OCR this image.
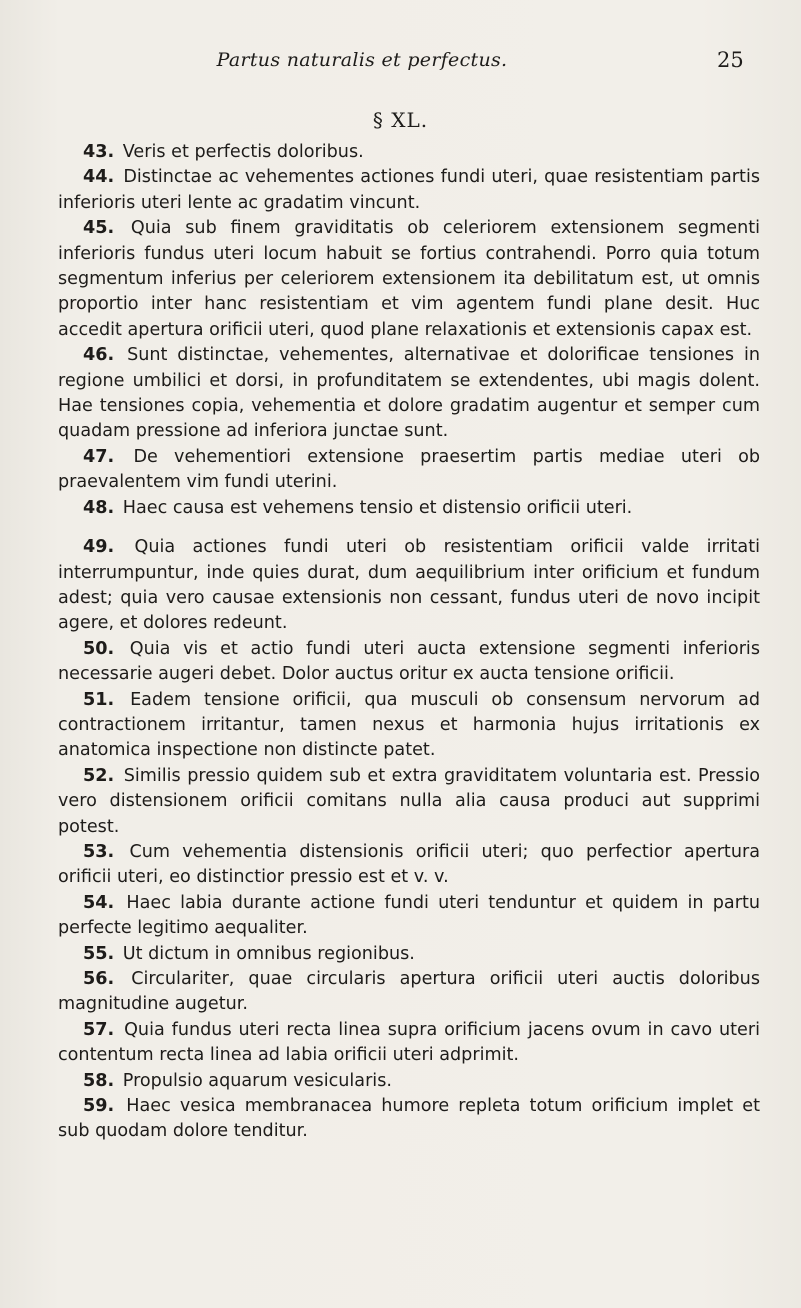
Partus naturalis et perfectus.	25
§ XL.

43. Veris et perfectis doloribus.

44. Distinctae ac vehementes actiones fundi uteri, quae resistentiam partis inferioris uteri lente ac gradatim vincunt.

45. Quia sub finem graviditatis ob celeriorem extensionem segmenti inferioris fundus uteri locum habuit se fortius contrahendi. Porro quia totum segmentum inferius per celeriorem extensionem ita debilitatum est, ut omnis proportio inter hanc resistentiam et vim agentem fundi plane desit. Huc accedit apertura orificii uteri, quod plane relaxationis et extensionis capax est.

46. Sunt distinctae, vehementes, alternativae et dolorificae tensiones in regione umbilici et dorsi, in profunditatem se extendentes, ubi magis dolent. Hae tensiones copia, vehementia et dolore gradatim augentur et semper cum quadam pressione ad inferiora junctae sunt.

47. De vehementiori extensione praesertim partis mediae uteri ob praevalentem vim fundi uterini.

48. Haec causa est vehemens tensio et distensio orificii uteri.

49. Quia actiones fundi uteri ob resistentiam orificii valde irritati interrumpuntur, inde quies durat, dum aequilibrium inter orificium et fundum adest; quia vero causae extensionis non cessant, fundus uteri de novo incipit agere, et dolores redeunt.

50. Quia vis et actio fundi uteri aucta extensione segmenti inferioris necessarie augeri debet. Dolor auctus oritur ex aucta tensione orificii.

51. Eadem tensione orificii, qua musculi ob consensum nervorum ad contractionem irritantur, tamen nexus et harmonia hujus irritationis ex anatomica inspectione non distincte patet.

52. Similis pressio quidem sub et extra graviditatem voluntaria est. Pressio vero distensionem orificii comitans nulla alia causa produci aut supprimi potest.

53. Cum vehementia distensionis orificii uteri; quo perfectior apertura orificii uteri, eo distinctior pressio est et v. v.

54. Haec labia durante actione fundi uteri tenduntur et quidem in partu perfecte legitimo aequaliter.

55. Ut dictum in omnibus regionibus.

56. Circulariter, quae circularis apertura orificii uteri auctis doloribus magnitudine augetur.

57. Quia fundus uteri recta linea supra orificium jacens ovum in cavo uteri contentum recta linea ad labia orificii uteri adprimit.

58. Propulsio aquarum vesicularis.

59. Haec vesica membranacea humore repleta totum orificium implet et sub quodam dolore tenditur.
